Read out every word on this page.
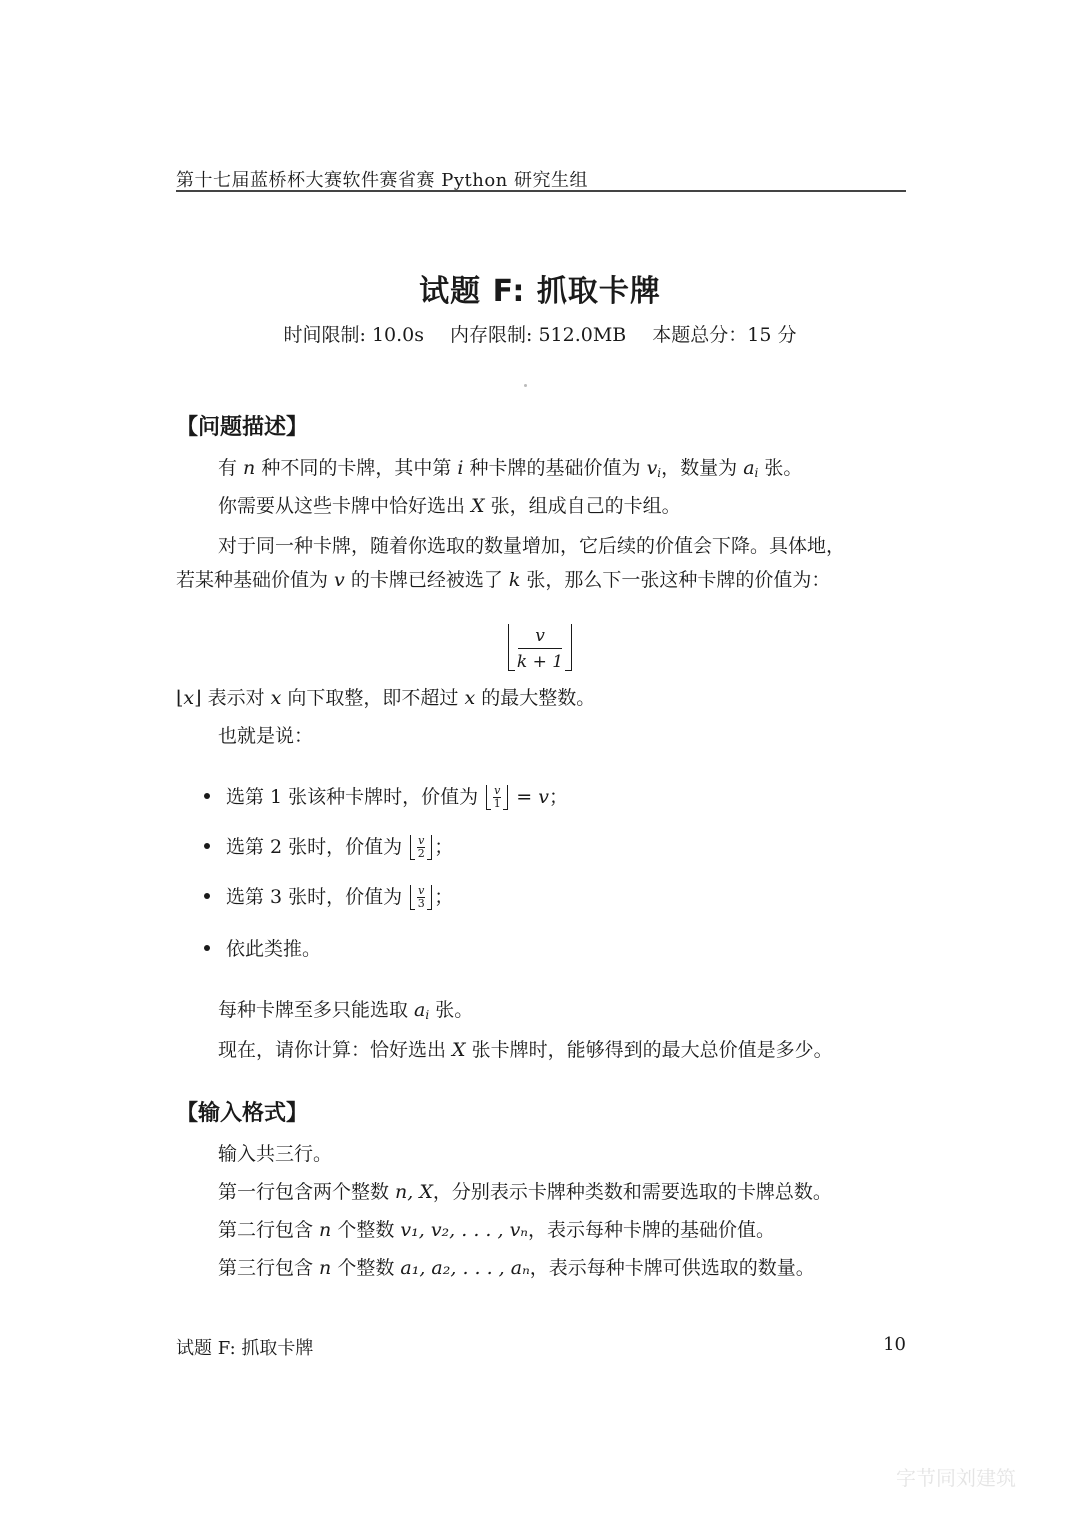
第十七届蓝桥杯大赛软件赛省赛 Python 研究生组
试题 F: 抓取卡牌
时间限制: 10.0s 内存限制: 512.0MB 本题总分：15 分
【问题描述】
有 n 种不同的卡牌，其中第 i 种卡牌的基础价值为 $v_i$，数量为 $a_i$ 张。
你需要从这些卡牌中恰好选出 X 张，组成自己的卡组。
对于同一种卡牌，随着你选取的数量增加，它后续的价值会下降。具体地，
若某种基础价值为 v 的卡牌已经被选了 k 张，那么下一张这种卡牌的价值为：
v
k + 1
⌊x⌋ 表示对 x 向下取整，即不超过 x 的最大整数。
也就是说：
选第 1 张该种卡牌时，价值为 $\frac{v}{1} = v$；
选第 2 张时，价值为 $\frac{v}{2}$ ；
选第 3 张时，价值为 $\frac{v}{3}$ ；
依此类推。
每种卡牌至多只能选取 $a_i$ 张。
现在，请你计算：恰好选出 X 张卡牌时，能够得到的最大总价值是多少。
【输入格式】
输入共三行。
第一行包含两个整数 n, X，分别表示卡牌种类数和需要选取的卡牌总数。
第二行包含 n 个整数 v₁, v₂, . . . , vₙ，表示每种卡牌的基础价值。
第三行包含 n 个整数 a₁, a₂, . . . , aₙ，表示每种卡牌可供选取的数量。
试题 F: 抓取卡牌	10
字节同刘建筑
